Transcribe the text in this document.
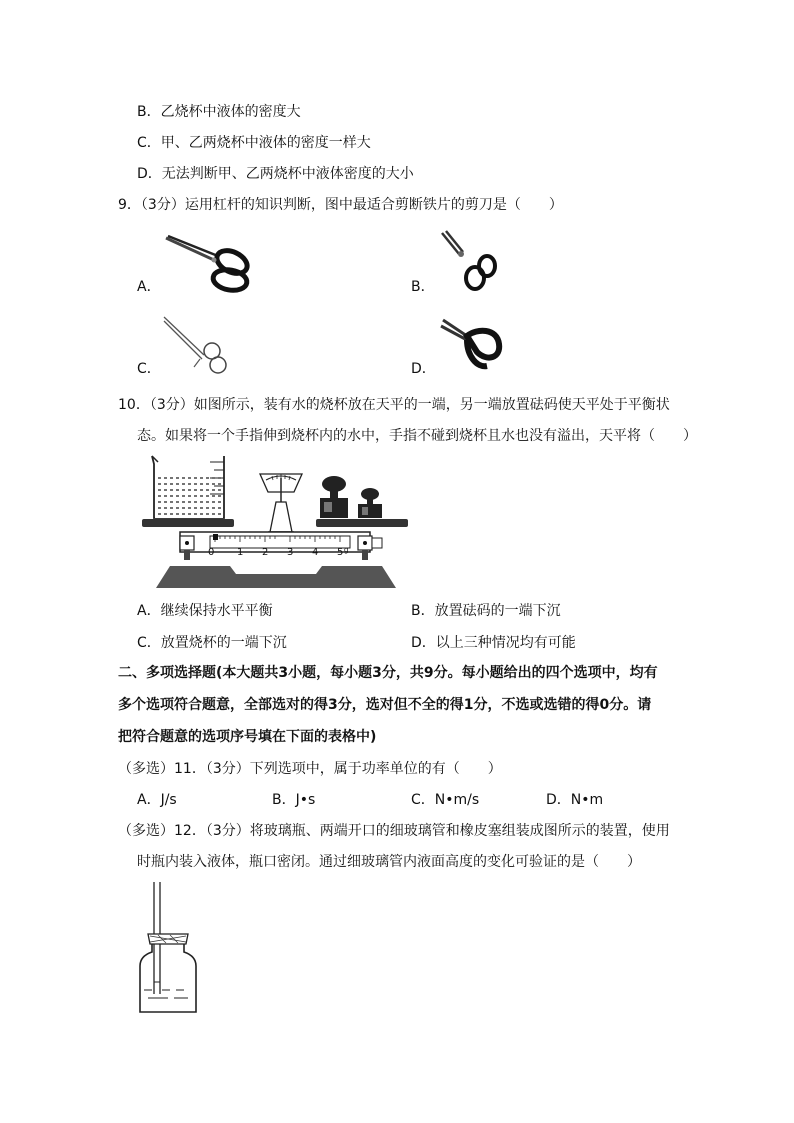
B．乙烧杯中液体的密度大
C．甲、乙两烧杯中液体的密度一样大
D．无法判断甲、乙两烧杯中液体密度的大小
9．（3分）运用杠杆的知识判断，图中最适合剪断铁片的剪刀是（　　）
A．	B．
C．	D．
10．（3分）如图所示，装有水的烧杯放在天平的一端，另一端放置砝码使天平处于平衡状
态。如果将一个手指伸到烧杯内的水中，手指不碰到烧杯且水也没有溢出，天平将（　　）
0 1 2 3 4 5 g
A．继续保持水平平衡	B．放置砝码的一端下沉
C．放置烧杯的一端下沉	D．以上三种情况均有可能
二、多项选择题(本大题共3小题，每小题3分，共9分。每小题给出的四个选项中，均有
多个选项符合题意，全部选对的得3分，选对但不全的得1分，不选或选错的得0分。请
把符合题意的选项序号填在下面的表格中)
（多选）11．（3分）下列选项中，属于功率单位的有（　　）
A．J/s	B．J•s	C．N•m/s	D．N•m
（多选）12．（3分）将玻璃瓶、两端开口的细玻璃管和橡皮塞组装成图所示的装置，使用
时瓶内装入液体，瓶口密闭。通过细玻璃管内液面高度的变化可验证的是（　　）
